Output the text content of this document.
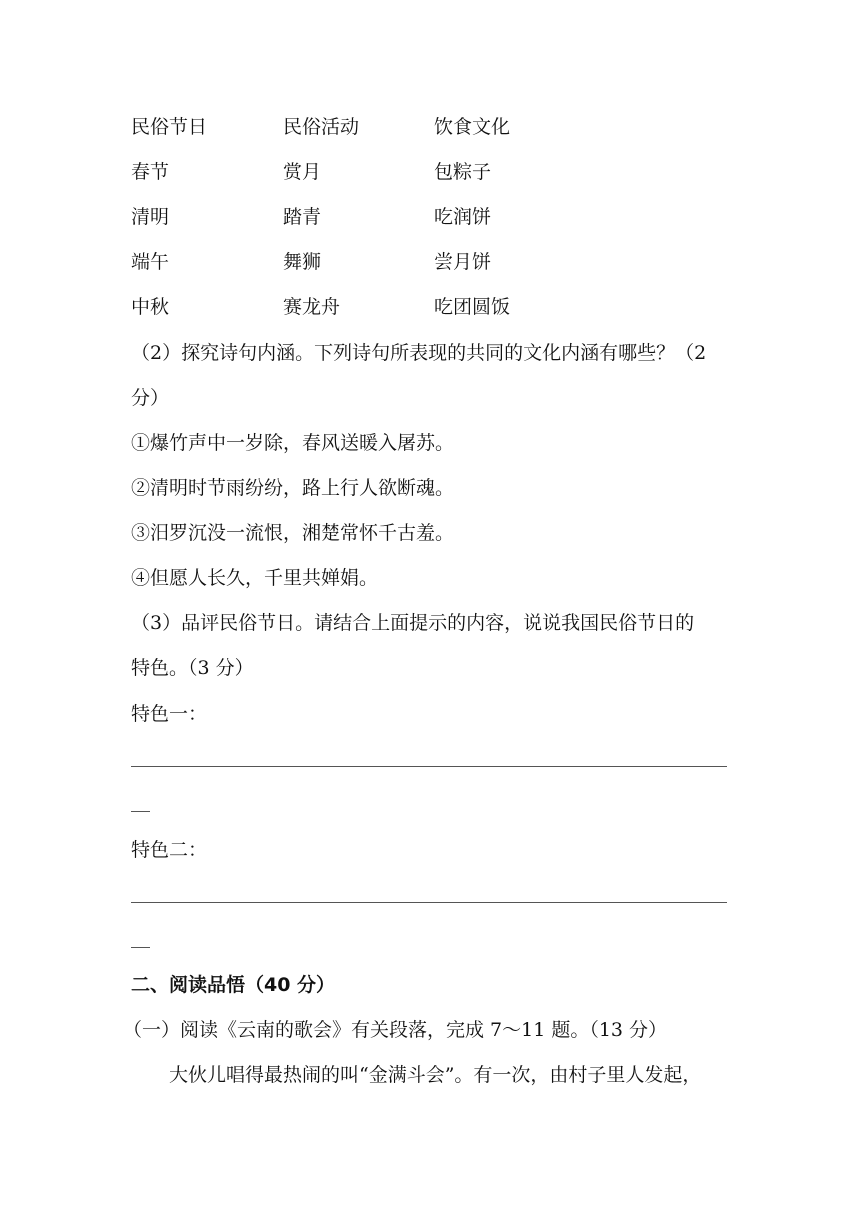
民俗节日	民俗活动	饮食文化
春节	赏月	包粽子
清明	踏青	吃润饼
端午	舞狮	尝月饼
中秋	赛龙舟	吃团圆饭
（2）探究诗句内涵。下列诗句所表现的共同的文化内涵有哪些？（2
分）
①爆竹声中一岁除，春风送暖入屠苏。
②清明时节雨纷纷，路上行人欲断魂。
③汨罗沉没一流恨，湘楚常怀千古羞。
④但愿人长久，千里共婵娟。
（3）品评民俗节日。请结合上面提示的内容，说说我国民俗节日的
特色。（3 分）
特色一：
特色二：
二、阅读品悟（40 分）
（一）阅读《云南的歌会》有关段落，完成 7～11 题。（13 分）
大伙儿唱得最热闹的叫“金满斗会”。有一次，由村子里人发起，
